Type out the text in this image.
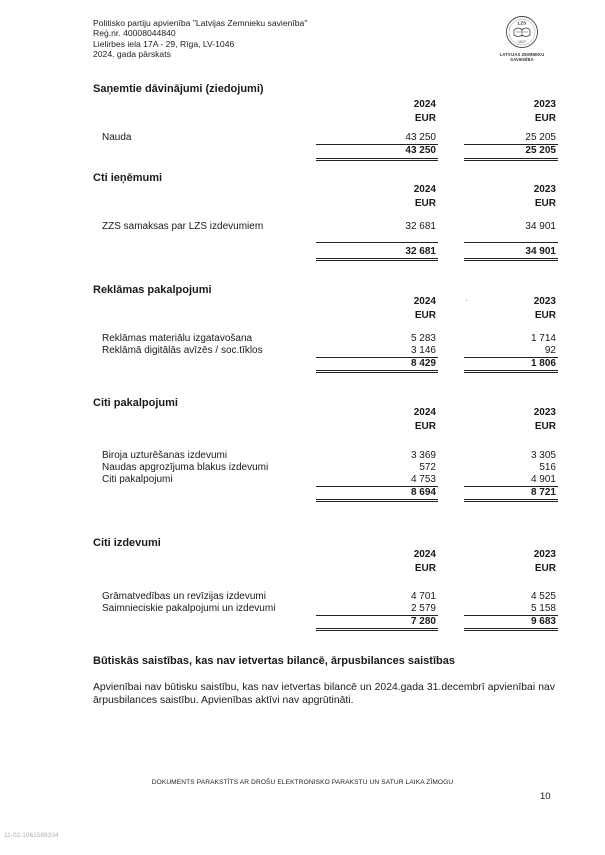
Politisko partiju apvienība "Latvijas Zemnieku savienība"
Reģ.nr. 40008044840
Lielirbes iela 17A - 29, Rīga, LV-1046
2024. gada pārskats
LZS
1917
LATVIJAS ZEMNIEKU
SAVIENĪBA
Saņemtie dāvinājumi (ziedojumi)
2024	2023
EUR	EUR
Nauda	43 250	25 205
43 250	25 205
Cti ieņēmumi
2024	2023
EUR	EUR
ZZS samaksas par LZS izdevumiem	32 681	34 901
32 681	34 901
Reklāmas pakalpojumi
2024	2023
EUR	EUR
Reklāmas materiālu izgatavošana	5 283	1 714
Reklāmā digitālās avīzēs / soc.tīklos	3 146	92
8 429	1 806
Citi pakalpojumi
2024	2023
EUR	EUR
Biroja uzturēšanas izdevumi	3 369	3 305
Naudas apgrozījuma blakus izdevumi	572	516
Citi pakalpojumi	4 753	4 901
8 694	8 721
Citi izdevumi
2024	2023
EUR	EUR
Grāmatvedības un revīzijas izdevumi	4 701	4 525
Saimnieciskie pakalpojumi un izdevumi	2 579	5 158
7 280	9 683
Būtiskās saistības, kas nav ietvertas bilancē, ārpusbilances saistības
Apvienībai nav būtisku saistību, kas nav ietvertas bilancē un 2024.gada 31.decembrī apvienībai nav ārpusbilances saistību. Apvienības aktīvi nav apgrūtināti.
DOKUMENTS PARAKSTĪTS AR DROŠU ELEKTRONISKO PARAKSTU UN SATUR LAIKA ZĪMOGU
10
11-02-1061569334
